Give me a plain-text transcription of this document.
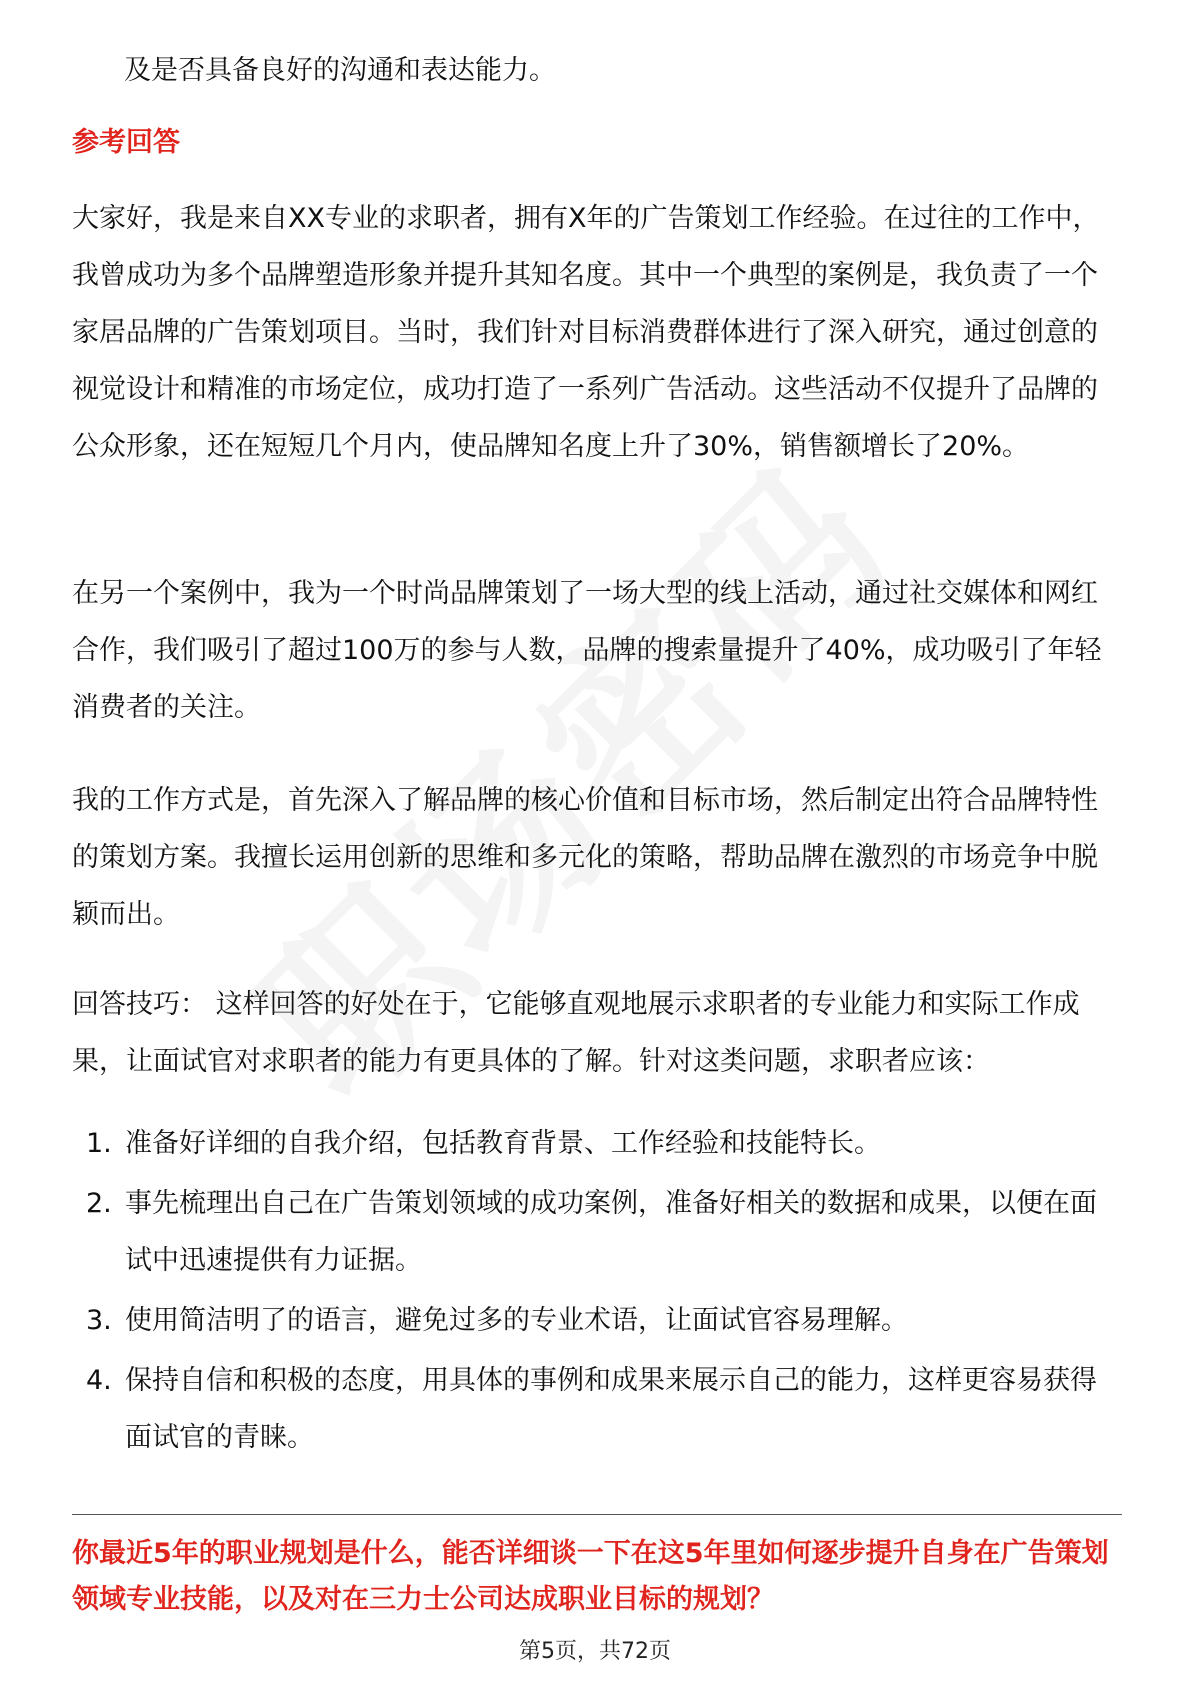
及是否具备良好的沟通和表达能力。

参考回答

大家好，我是来自XX专业的求职者，拥有X年的广告策划工作经验。在过往的工作中，我曾成功为多个品牌塑造形象并提升其知名度。其中一个典型的案例是，我负责了一个家居品牌的广告策划项目。当时，我们针对目标消费群体进行了深入研究，通过创意的视觉设计和精准的市场定位，成功打造了一系列广告活动。这些活动不仅提升了品牌的公众形象，还在短短几个月内，使品牌知名度上升了30%，销售额增长了20%。

在另一个案例中，我为一个时尚品牌策划了一场大型的线上活动，通过社交媒体和网红合作，我们吸引了超过100万的参与人数，品牌的搜索量提升了40%，成功吸引了年轻消费者的关注。

我的工作方式是，首先深入了解品牌的核心价值和目标市场，然后制定出符合品牌特性的策划方案。我擅长运用创新的思维和多元化的策略，帮助品牌在激烈的市场竞争中脱颖而出。

回答技巧： 这样回答的好处在于，它能够直观地展示求职者的专业能力和实际工作成果，让面试官对求职者的能力有更具体的了解。针对这类问题，求职者应该：

1. 准备好详细的自我介绍，包括教育背景、工作经验和技能特长。
2. 事先梳理出自己在广告策划领域的成功案例，准备好相关的数据和成果，以便在面试中迅速提供有力证据。
3. 使用简洁明了的语言，避免过多的专业术语，让面试官容易理解。
4. 保持自信和积极的态度，用具体的事例和成果来展示自己的能力，这样更容易获得面试官的青睐。

你最近5年的职业规划是什么，能否详细谈一下在这5年里如何逐步提升自身在广告策划领域专业技能，以及对在三力士公司达成职业目标的规划？

第5页，共72页
